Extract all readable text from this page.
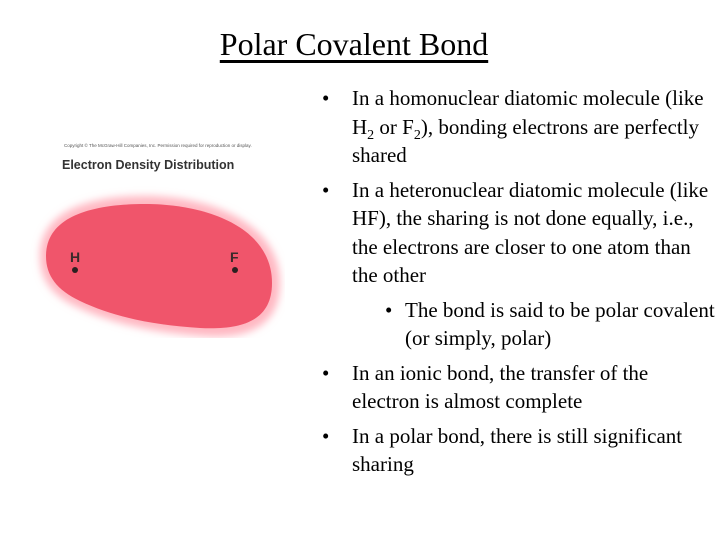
Polar Covalent Bond
Copyright © The McGraw-Hill Companies, Inc. Permission required for reproduction or display.
Electron Density Distribution
H	F
• In a homonuclear diatomic molecule (like $H_2$ or $F_2$), bonding electrons are perfectly shared
• In a heteronuclear diatomic molecule (like HF), the sharing is not done equally, i.e., the electrons are closer to one atom than the other
• The bond is said to be polar covalent (or simply, polar)
• In an ionic bond, the transfer of the electron is almost complete
• In a polar bond, there is still significant sharing
